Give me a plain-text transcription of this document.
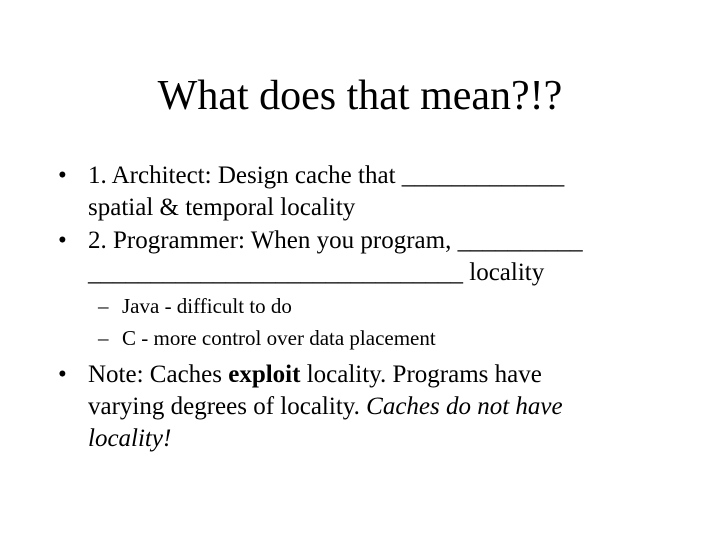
What does that mean?!?
• 1. Architect: Design cache that _____________
spatial & temporal locality
• 2. Programmer: When you program, __________
______________________________ locality
– Java - difficult to do
– C - more control over data placement
• Note: Caches exploit locality. Programs have
varying degrees of locality. Caches do not have
locality!
